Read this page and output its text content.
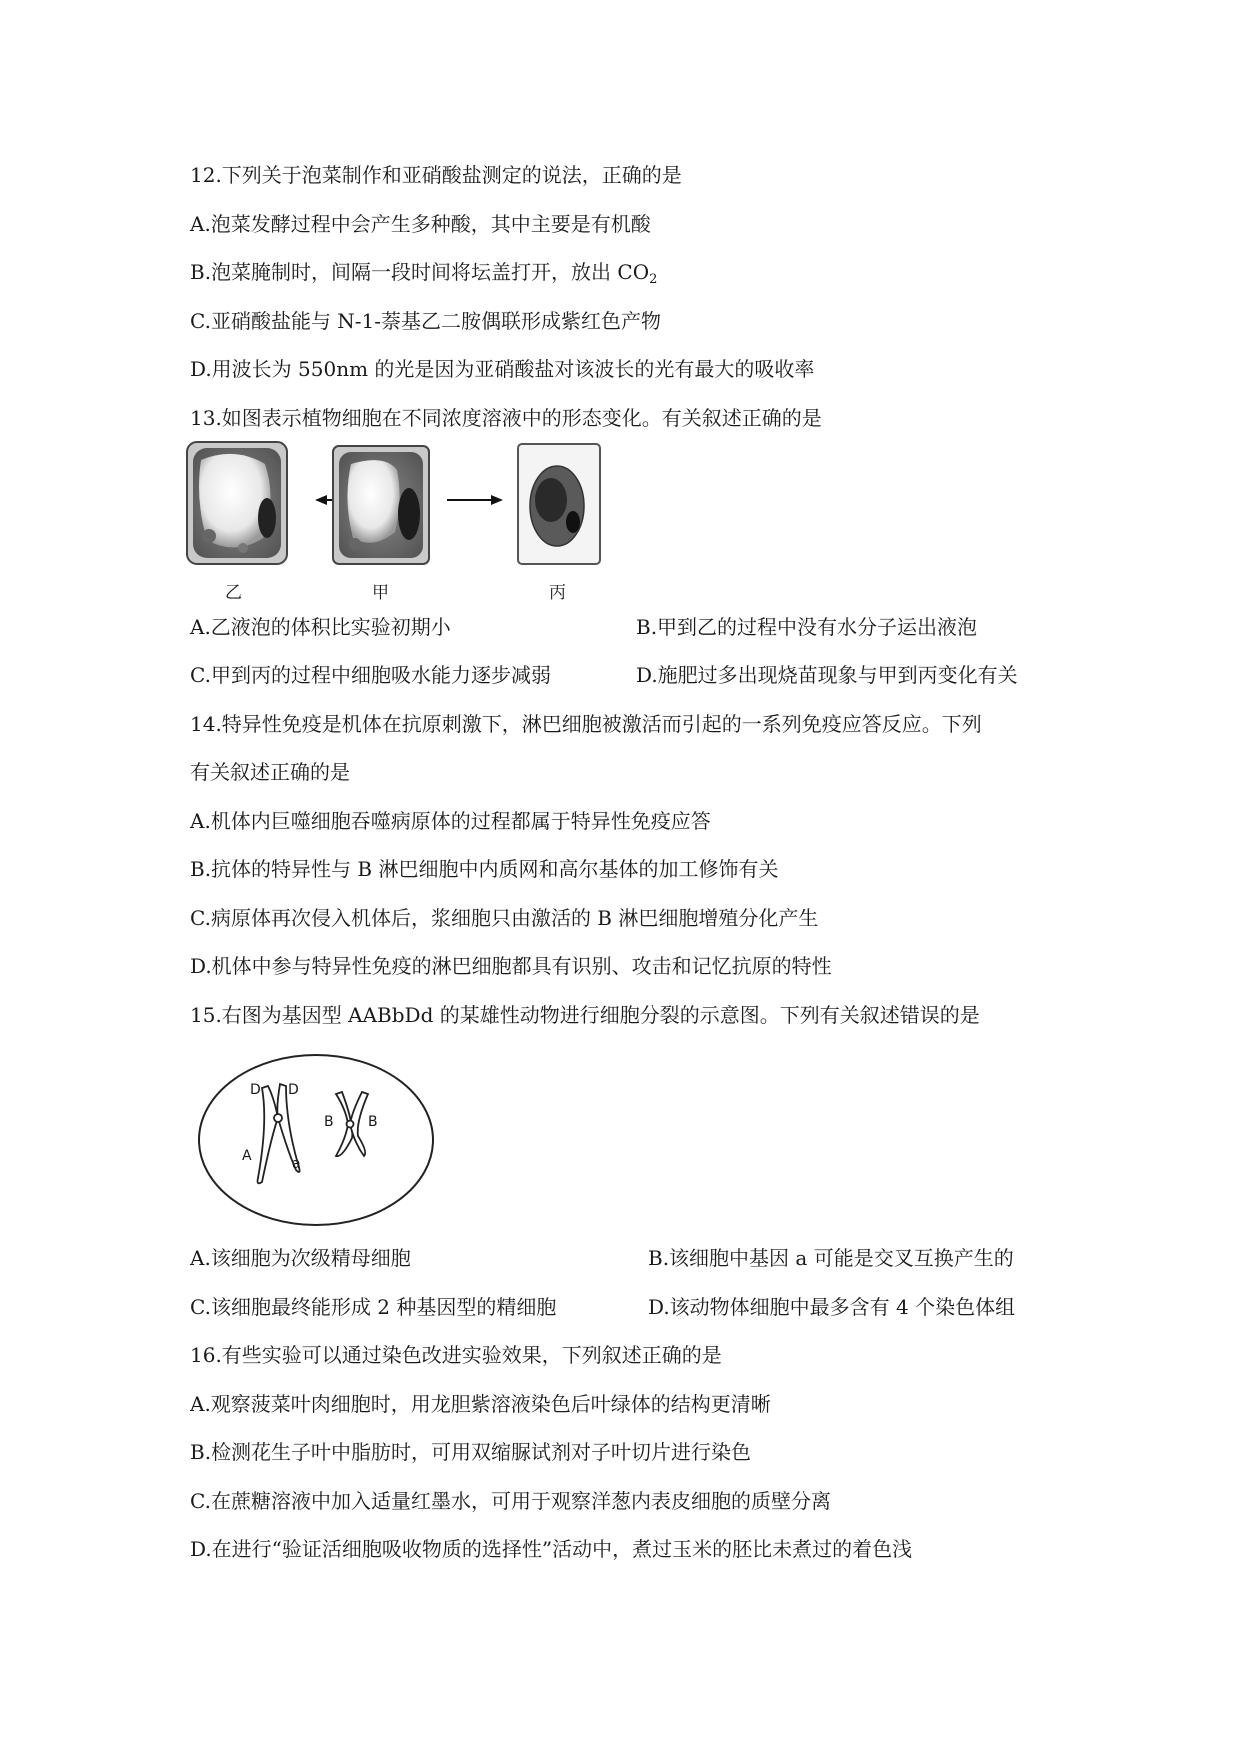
12.下列关于泡菜制作和亚硝酸盐测定的说法，正确的是
A.泡菜发酵过程中会产生多种酸，其中主要是有机酸
B.泡菜腌制时，间隔一段时间将坛盖打开，放出 $CO_2$
C.亚硝酸盐能与 N-1-萘基乙二胺偶联形成紫红色产物
D.用波长为 550nm 的光是因为亚硝酸盐对该波长的光有最大的吸收率
13.如图表示植物细胞在不同浓度溶液中的形态变化。有关叙述正确的是
乙	甲	丙
A.乙液泡的体积比实验初期小	B.甲到乙的过程中没有水分子运出液泡
C.甲到丙的过程中细胞吸水能力逐步减弱	D.施肥过多出现烧苗现象与甲到丙变化有关
14.特异性免疫是机体在抗原刺激下，淋巴细胞被激活而引起的一系列免疫应答反应。下列
有关叙述正确的是
A.机体内巨噬细胞吞噬病原体的过程都属于特异性免疫应答
B.抗体的特异性与 B 淋巴细胞中内质网和高尔基体的加工修饰有关
C.病原体再次侵入机体后，浆细胞只由激活的 B 淋巴细胞增殖分化产生
D.机体中参与特异性免疫的淋巴细胞都具有识别、攻击和记忆抗原的特性
15.右图为基因型 AABbDd 的某雄性动物进行细胞分裂的示意图。下列有关叙述错误的是
D D
A	a
B B
A.该细胞为次级精母细胞	B.该细胞中基因 a 可能是交叉互换产生的
C.该细胞最终能形成 2 种基因型的精细胞	D.该动物体细胞中最多含有 4 个染色体组
16.有些实验可以通过染色改进实验效果，下列叙述正确的是
A.观察菠菜叶肉细胞时，用龙胆紫溶液染色后叶绿体的结构更清晰
B.检测花生子叶中脂肪时，可用双缩脲试剂对子叶切片进行染色
C.在蔗糖溶液中加入适量红墨水，可用于观察洋葱内表皮细胞的质壁分离
D.在进行“验证活细胞吸收物质的选择性”活动中，煮过玉米的胚比未煮过的着色浅
